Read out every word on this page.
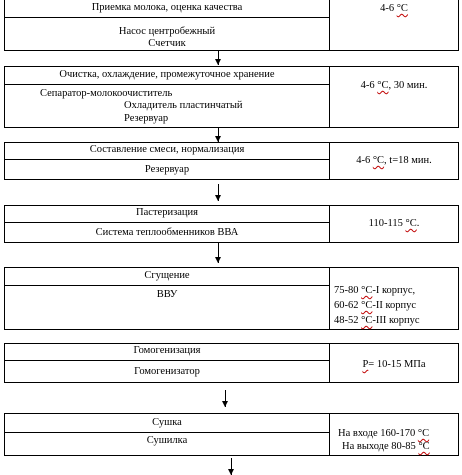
Приемка молока, оценка качества
Насос центробежный
Счетчик
4-6 °С
Очистка, охлаждение, промежуточное хранение
Сепаратор-молокоочиститель
Охладитель пластинчатый
Резервуар
4-6 °С, 30 мин.
Составление смеси, нормализация
Резервуар
4-6 °С, t=18 мин.
Пастеризация
Система теплообменников ВВА
110-115 °С.
Сгущение
ВВУ	75-80 °С-I корпус,
60-62 °С-II корпус
48-52 °С-III корпус
Гомогенизация
Гомогенизатор
Р= 10-15 МПа
Сушка
Сушилка
На входе 160-170 °С
На выходе 80-85 °С
